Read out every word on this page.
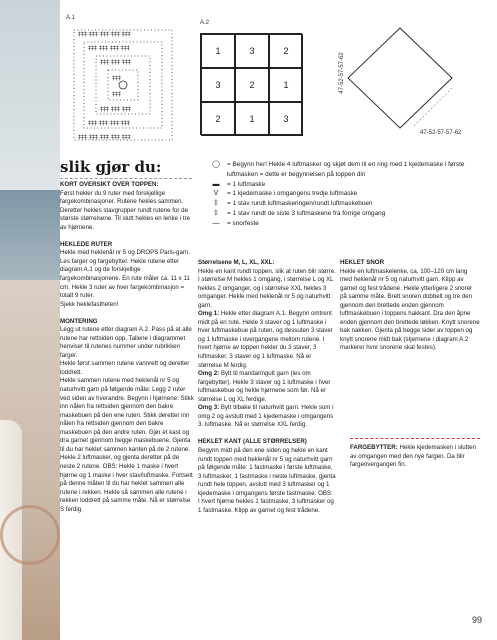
A.1
‡‡‡ ‡‡‡ ‡‡‡ ‡‡‡ ‡‡‡
‡‡‡ ‡‡‡ ‡‡‡ ‡‡‡ ‡‡‡
‡‡‡ ‡‡‡ ‡‡‡ ‡‡‡
‡‡‡ ‡‡‡ ‡‡‡ ‡‡‡
‡‡‡ ‡‡‡ ‡‡‡
‡‡‡ ‡‡‡ ‡‡‡
‡‡‡
‡‡‡
A.2
1	3	2
3	2	1
2	1	3
47-52-57-57-62
47-52-57-57-62
slik gjør du:	◯	= Begynn her! Hekle 4 luftmasker og skjøt dem til en ring med 1 kjedemaske i første luftmasken = dette er begynnelsen på toppen din
▬	= 1 luftmaske
V	= 1 kjedemaske i omgangens tredje luftmaske
‡	= 1 stav rundt luftmaskeringen/rundt luftmaskebuen
‡	= 1 stav rundt de siste 3 luftmaskene fra forrige omgang
—	= snorfeste

KORT OVERSIKT OVER TOPPEN:

Først hekler du 9 ruter med forskjellige fargekombinasjoner. Rutene hekles sammen. Deretter hekles stavgrupper rundt rutene for de største størrelsene. Til slutt hekles en lenke i tre av hjørnene.

HEKLEDE RUTER

Hekle med heklenål nr 5 og DROPS Paris-garn. Les farger og fargebytter. Hekle rutene etter diagram A.1 og de forskjellige fargekombinasjonene. En rute måler ca. 11 x 11 cm. Hekle 3 ruter av hver fargekombinasjon = totalt 9 ruter.

Sjekk heklefastheten!

MONTERING

Legg ut rutene etter diagram A.2. Pass på at alle rutene har rettsiden opp. Tallene i diagrammet henviser til rutenes nummer under rubrikken farger.

Hekle først sammen rutene vannrett og deretter loddrett.

Hekle sammen rutene med heklenål nr 5 og naturhvitt garn på følgende måte: Legg 2 ruter ved siden av hverandre. Begynn i hjørnene: Stikk inn nålen fra rettsiden gjennom den bakre maskebuen på den ene ruten. Stikk deretter inn nålen fra rettsiden gjennom den bakre maskebuen på den andre ruten. Gjør et kast og dra garnet gjennom begge maskebuene. Gjenta til du har heklet sammen kanten på de 2 rutene. Hekle 2 luftmasker, og gjenta deretter på de neste 2 rutene. OBS: Hekle 1 maske i hvert hjørne og 1 maske i hver stav/luftmaske. Fortsett på denne måten til du har heklet sammen alle rutene i rekken. Hekle så sammen alle rutene i rekken loddrett på samme måte. Nå er størrelse S ferdig.

Størrelsene M, L, XL, XXL:

Hekle en kant rundt toppen, slik at ruten blir større. I størrelse M hekles 1 omgang, i størrelse L og XL hekles 2 omganger, og i størrelse XXL hekles 3 omganger. Hekle med heklenål nr 5 og naturhvitt garn.

Omg 1: Hekle etter diagram A.1. Begynn omtrent midt på en rute. Hekle 3 staver og 1 luftmaske i hver luftmaskebue på ruten, og dessuten 3 staver og 1 luftmaske i overgangene mellom rutene. I hvert hjørne av toppen hekler du 3 staver, 3 luftmasker, 3 staver og 1 luftmaske. Nå er størrelse M ferdig.

Omg 2: Bytt til mandaringult garn (les om fargebytter). Hekle 3 staver og 1 luftmaske i hver luftmaskebue og hekle hjørnene som før. Nå er størrelse L og XL ferdige.

Omg 3: Bytt tilbake til naturhvitt garn. Hekle som i omg 2 og avslutt med 1 kjedemaske i omgangens 3. luftmaske. Nå er størrelse XXL ferdig.

HEKLET KANT (ALLE STØRRELSER)

Begynn midt på den ene siden og hekle en kant rundt toppen med heklenål nr 5 og naturhvitt garn på følgende måte: 1 fastmaske i første luftmaske, 3 luftmasker, 1 fastmaske i neste luftmaske, gjenta rundt hele toppen, avslutt med 3 luftmasker og 1 kjedemaske i omgangens første fastmaske. OBS: I hvert hjørne hekles 1 fastmaske, 3 luftmasker og 1 fastmaske. Klipp av garnet og fest trådene.

HEKLET SNOR

Hekle en luftmaskelenke, ca. 100–120 cm lang med heklenål nr 5 og naturhvitt garn. Klipp av garnet og fest trådene. Hekle ytterligere 2 snorer på samme måte. Brett snoren dobbelt og tre den gjennom den brettede enden gjennom luftmaskebuen i toppens hakkant. Dra den åpne enden gjennom den brettede løkken. Knytt snorene bak nakken. Gjenta på begge sider av toppen og knytt snorene midt bak (stjernene i diagram A.2 markerer hvor snorene skal festes).

FARGEBYTTER: Hekle kjedemasken i slutten av omgangen med den nye fargen. Da blir fargeovergangen fin.
99
